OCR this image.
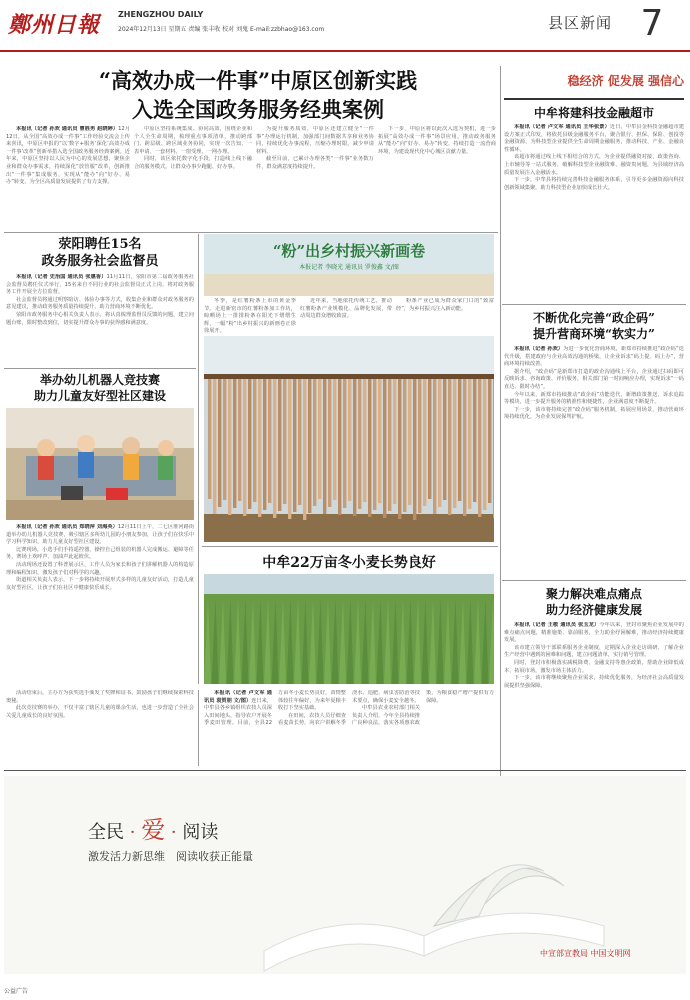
鄭州日報 ZHENGZHOU DAILY
2024年12月13日 星期五 责编 张丰收 校对 刘鬼 E-mail:zzbhao@163.com	县区新闻 7
“高效办成一件事”中原区创新实践
入选全国政务服务经典案例
稳经济 促发展 强信心
中牟将建科技金融超市

本报讯（记者 卢文军 通讯员 王华张景）近日，中牟县金科技金融超市建设方案正式印发，将依托县级金融服务平台，聚合银行、担保、保险、创投等金融资源，为科技型企业提供全生命周期金融服务，推动科技、产业、金融良性循环。

该超市将通过线上线下相结合的方式，为企业提供融资对接、政策咨询、上市辅导等一站式服务，破解科技型企业融资难、融资贵问题，为县域经济高质量发展注入金融活水。

下一步，中牟县将持续完善科技金融服务体系，引导更多金融资源向科技创新领域集聚，助力科技型企业加快成长壮大。

本报讯（记者 孙欢 通讯员 曹胜男 赵晓婷）12月12日，从全国“高效办成一件事”工作经验交流会上传来喜讯，中原区申报的“以‘数字+服务’深化‘高效办成一件事’改革”创新举措入选全国政务服务经典案例。近年来，中原区坚持以人民为中心的发展思想，聚焦企业和群众办事需求，持续深化“放管服”改革，创新推出“一件事”集成服务，实现从“能办”向“好办、易办”转变，为全区高质量发展提供了有力支撑。

中原区坚持系统集成、协同高效，围绕企业和个人全生命周期，梳理重点事项清单，推动跨部门、跨层级、跨区域业务协同，实现一次告知、一表申请、一套材料、一窗受理、一网办理。

同时，该区依托数字化手段，打造线上线下融合的服务模式，让群众办事少跑腿、好办事。

为提升服务质效，中原区还建立健全“一件事”办理运行机制，加强部门间数据共享和业务协同，持续优化办事流程，压缩办理时限，减少申请材料。

截至目前，已累计办理各类“一件事”业务数万件，群众满意度持续提升。

下一步，中原区将以此次入选为契机，进一步拓展“高效办成一件事”场景应用，推动政务服务从“能办”向“好办、易办”转变，持续打造一流营商环境，为建设现代化中心城区贡献力量。

荥阳聘任15名
政务服务社会监督员

本报讯（记者 史治国 通讯员 张惠香）11月11日，荥阳市第二届政务服务社会监督员聘任仪式举行，15名来自不同行业的社会监督员正式上岗，将对政务服务工作开展全方位监督。

社会监督员将通过明察暗访、体验办事等方式，收集企业和群众对政务服务的意见建议，推动政务服务质量持续提升，助力营商环境不断优化。

荥阳市政务服务中心相关负责人表示，将认真梳理监督员反馈的问题，建立问题台账，限时整改到位，切实提升群众办事的获得感和满意度。

举办幼儿机器人竞技赛
助力儿童友好型社区建设

本报讯（记者 孙欢 通讯员 郑晓萍 刘海英）12月11日上午，二七区淮河路街道举办幼儿机器人竞技赛，吸引辖区多所幼儿园的小朋友参加，让孩子们在快乐中学习科学知识，助力儿童友好型社区建设。

比赛现场，小选手们手持遥控器，操控自己组装的机器人完成搬运、避障等任务，赛场上欢呼声、加油声此起彼伏。

活动现场还设置了科普展示区，工作人员为家长和孩子们讲解机器人的构造原理和编程知识，激发孩子们对科学的兴趣。

街道相关负责人表示，下一步将持续开展形式多样的儿童友好活动，打造儿童友好型社区，让孩子们在社区中健康快乐成长。

“粉”出乡村振兴新画卷
本报记者 李晓光 通讯员 罗俊鑫 文/图

冬季，是红薯粉条上市的黄金季节。走进新密市的红薯粉条加工作坊，晾晒场上一排排粉条在阳光下熠熠生辉，一幅“粉”出乡村振兴的新画卷正徐徐展开。

近年来，当地依托传统工艺，推动红薯粉条产业规模化、品牌化发展，带动周边群众增收致富。

粉条产业已成为群众家门口的“致富经”，为乡村振兴注入新动能。

中牟22万亩冬小麦长势良好

本报讯（记者 卢文军 通讯员 袁贺朋 文/图）连日来，中牟县各乡镇组织农技人员深入田间地头，指导农户开展冬季麦田管理。目前，全县22万亩冬小麦长势良好，苗情整体较往年偏好，为来年夏粮丰收打下坚实基础。

在田间，农技人员仔细查看麦苗长势，向农户讲解冬季浇水、追肥、病虫害防治等技术要点，确保小麦安全越冬。

中牟县农业农村部门相关负责人介绍，今年全县持续推广良种良法，落实各项惠农政策，为粮食稳产增产提供有力保障。

活动结束后，主办方为获奖选手颁发了奖牌和证书，鼓励孩子们继续探索科技奥秘。

此次竞技赛的举办，不仅丰富了辖区儿童的课余生活，也进一步营造了全社会关爱儿童成长的良好氛围。

不断优化完善“政企码”
提升营商环境“软实力”

本报讯（记者 孙欢）为进一步优化营商环境，新郑市持续推进“政企码”迭代升级，搭建政府与企业高效沟通的桥梁，让企业诉求“码上提、码上办”，营商环境持续改善。

据介绍，“政企码”是新郑市打造的政企沟通线上平台，企业通过扫码即可反映诉求、咨询政策、评价服务，相关部门第一时间响应办理，实现诉求“一码直达、限时办结”。

今年以来，新郑市持续推动“政企码”功能迭代，新增政策推送、诉求追踪等模块，进一步提升服务的精准性和便捷性，企业满意度不断提升。

下一步，该市将持续完善“政企码”服务机制，拓展应用场景，推动营商环境持续优化，为企业发展保驾护航。

聚力解决难点痛点
助力经济健康发展

本报讯（记者 王敬 通讯员 张玉龙）今年以来，登封市聚焦企业发展中的难点痛点问题，精准施策、靠前服务，全力助企纾困解难，推动经济持续健康发展。

该市建立领导干部联系服务企业制度，定期深入企业走访调研，了解企业生产经营中遇到的困难和问题，建立问题清单，实行销号管理。

同时，登封市积极落实减税降费、金融支持等惠企政策，帮助企业降低成本、拓展市场，激发市场主体活力。

下一步，该市将继续聚焦企业需求，持续优化服务，为经济社会高质量发展提供坚强保障。

全民 · 爱 · 阅读
激发活力新思维　阅读收获正能量
中宣部宣教局 中国文明网
公益广告
